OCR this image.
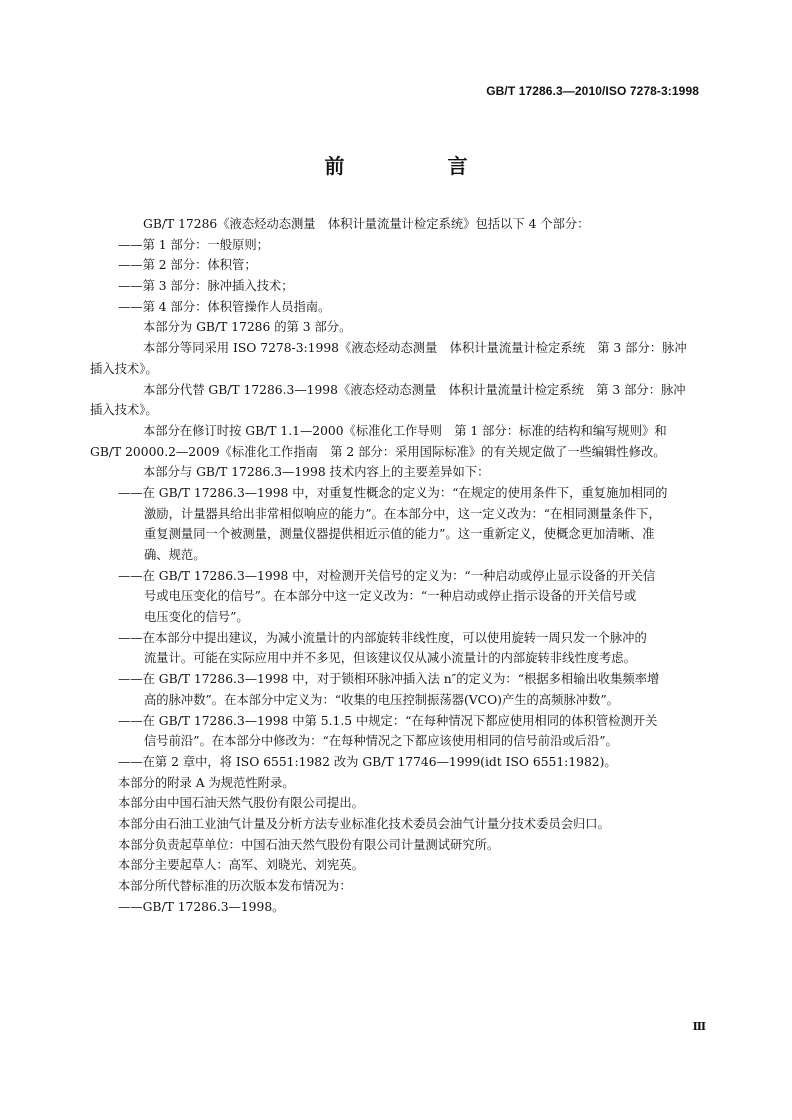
GB/T 17286.3—2010/ISO 7278-3:1998
前 言
GB/T 17286《液态烃动态测量　体积计量流量计检定系统》包括以下 4 个部分：
——第 1 部分：一般原则；
——第 2 部分：体积管；
——第 3 部分：脉冲插入技术；
——第 4 部分：体积管操作人员指南。
本部分为 GB/T 17286 的第 3 部分。
本部分等同采用 ISO 7278-3:1998《液态烃动态测量　体积计量流量计检定系统　第 3 部分：脉冲
插入技术》。
本部分代替 GB/T 17286.3—1998《液态烃动态测量　体积计量流量计检定系统　第 3 部分：脉冲
插入技术》。
本部分在修订时按 GB/T 1.1—2000《标准化工作导则　第 1 部分：标准的结构和编写规则》和
GB/T 20000.2—2009《标准化工作指南　第 2 部分：采用国际标准》的有关规定做了一些编辑性修改。
本部分与 GB/T 17286.3—1998 技术内容上的主要差异如下：
——在 GB/T 17286.3—1998 中，对重复性概念的定义为：“在规定的使用条件下，重复施加相同的
激励，计量器具给出非常相似响应的能力”。在本部分中，这一定义改为：“在相同测量条件下，
重复测量同一个被测量，测量仪器提供相近示值的能力”。这一重新定义，使概念更加清晰、准
确、规范。
——在 GB/T 17286.3—1998 中，对检测开关信号的定义为：“一种启动或停止显示设备的开关信
号或电压变化的信号”。在本部分中这一定义改为：“一种启动或停止指示设备的开关信号或
电压变化的信号”。
——在本部分中提出建议，为减小流量计的内部旋转非线性度，可以使用旋转一周只发一个脉冲的
流量计。可能在实际应用中并不多见，但该建议仅从减小流量计的内部旋转非线性度考虑。
——在 GB/T 17286.3—1998 中，对于锁相环脉冲插入法 n″的定义为：“根据多相输出收集频率增
高的脉冲数”。在本部分中定义为：“收集的电压控制振荡器(VCO)产生的高频脉冲数”。
——在 GB/T 17286.3—1998 中第 5.1.5 中规定：“在每种情况下都应使用相同的体积管检测开关
信号前沿”。在本部分中修改为：“在每种情况之下都应该使用相同的信号前沿或后沿”。
——在第 2 章中，将 ISO 6551:1982 改为 GB/T 17746—1999(idt ISO 6551:1982)。
本部分的附录 A 为规范性附录。
本部分由中国石油天然气股份有限公司提出。
本部分由石油工业油气计量及分析方法专业标准化技术委员会油气计量分技术委员会归口。
本部分负责起草单位：中国石油天然气股份有限公司计量测试研究所。
本部分主要起草人：高军、刘晓光、刘宪英。
本部分所代替标准的历次版本发布情况为：
——GB/T 17286.3—1998。
Ⅲ
